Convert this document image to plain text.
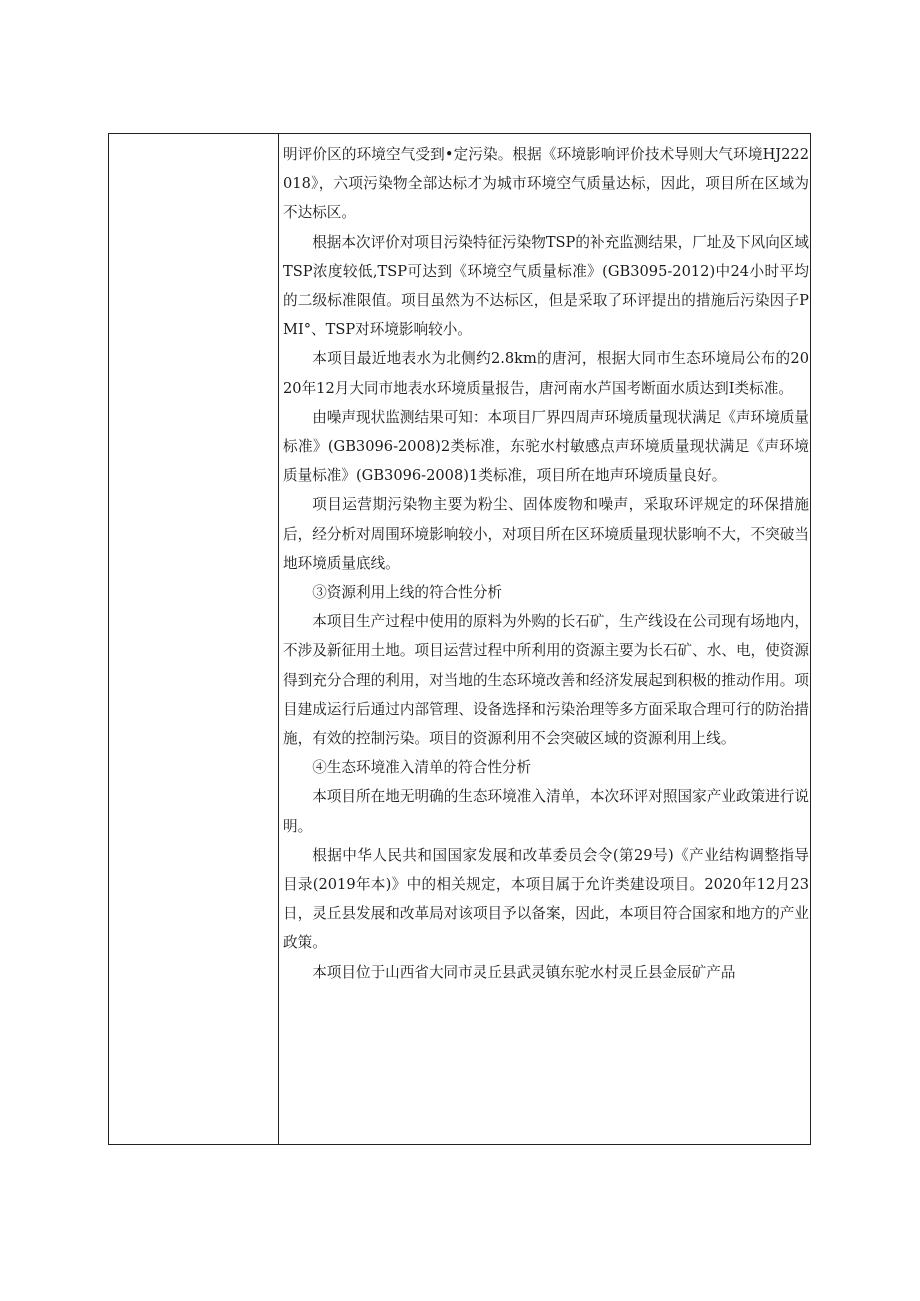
明评价区的环境空气受到•定污染。根据《环境影响评价技术导则大气环境HJ222018》，六项污染物全部达标才为城市环境空气质量达标，因此，项目所在区域为不达标区。

根据本次评价对项目污染特征污染物TSP的补充监测结果，厂址及下风向区域TSP浓度较低,TSP可达到《环境空气质量标准》(GB3095-2012)中24小时平均的二级标准限值。项目虽然为不达标区，但是采取了环评提出的措施后污染因子PMI°、TSP对环境影响较小。

本项目最近地表水为北侧约2.8km的唐河，根据大同市生态环境局公布的2020年12月大同市地表水环境质量报告，唐河南水芦国考断面水质达到I类标准。

由噪声现状监测结果可知：本项目厂界四周声环境质量现状满足《声环境质量标准》(GB3096-2008)2类标准，东驼水村敏感点声环境质量现状满足《声环境质量标准》(GB3096-2008)1类标准，项目所在地声环境质量良好。

项目运营期污染物主要为粉尘、固体废物和噪声，采取环评规定的环保措施后，经分析对周围环境影响较小，对项目所在区环境质量现状影响不大，不突破当地环境质量底线。

③资源利用上线的符合性分析

本项目生产过程中使用的原料为外购的长石矿，生产线设在公司现有场地内，不涉及新征用土地。项目运营过程中所利用的资源主要为长石矿、水、电，使资源得到充分合理的利用，对当地的生态环境改善和经济发展起到积极的推动作用。项目建成运行后通过内部管理、设备选择和污染治理等多方面采取合理可行的防治措施，有效的控制污染。项目的资源利用不会突破区域的资源利用上线。

④生态环境准入清单的符合性分析

本项目所在地无明确的生态环境准入清单，本次环评对照国家产业政策进行说明。

根据中华人民共和国国家发展和改革委员会令(第29号)《产业结构调整指导目录(2019年本)》中的相关规定，本项目属于允许类建设项目。2020年12月23日，灵丘县发展和改革局对该项目予以备案，因此，本项目符合国家和地方的产业政策。

本项目位于山西省大同市灵丘县武灵镇东驼水村灵丘县金辰矿产品
